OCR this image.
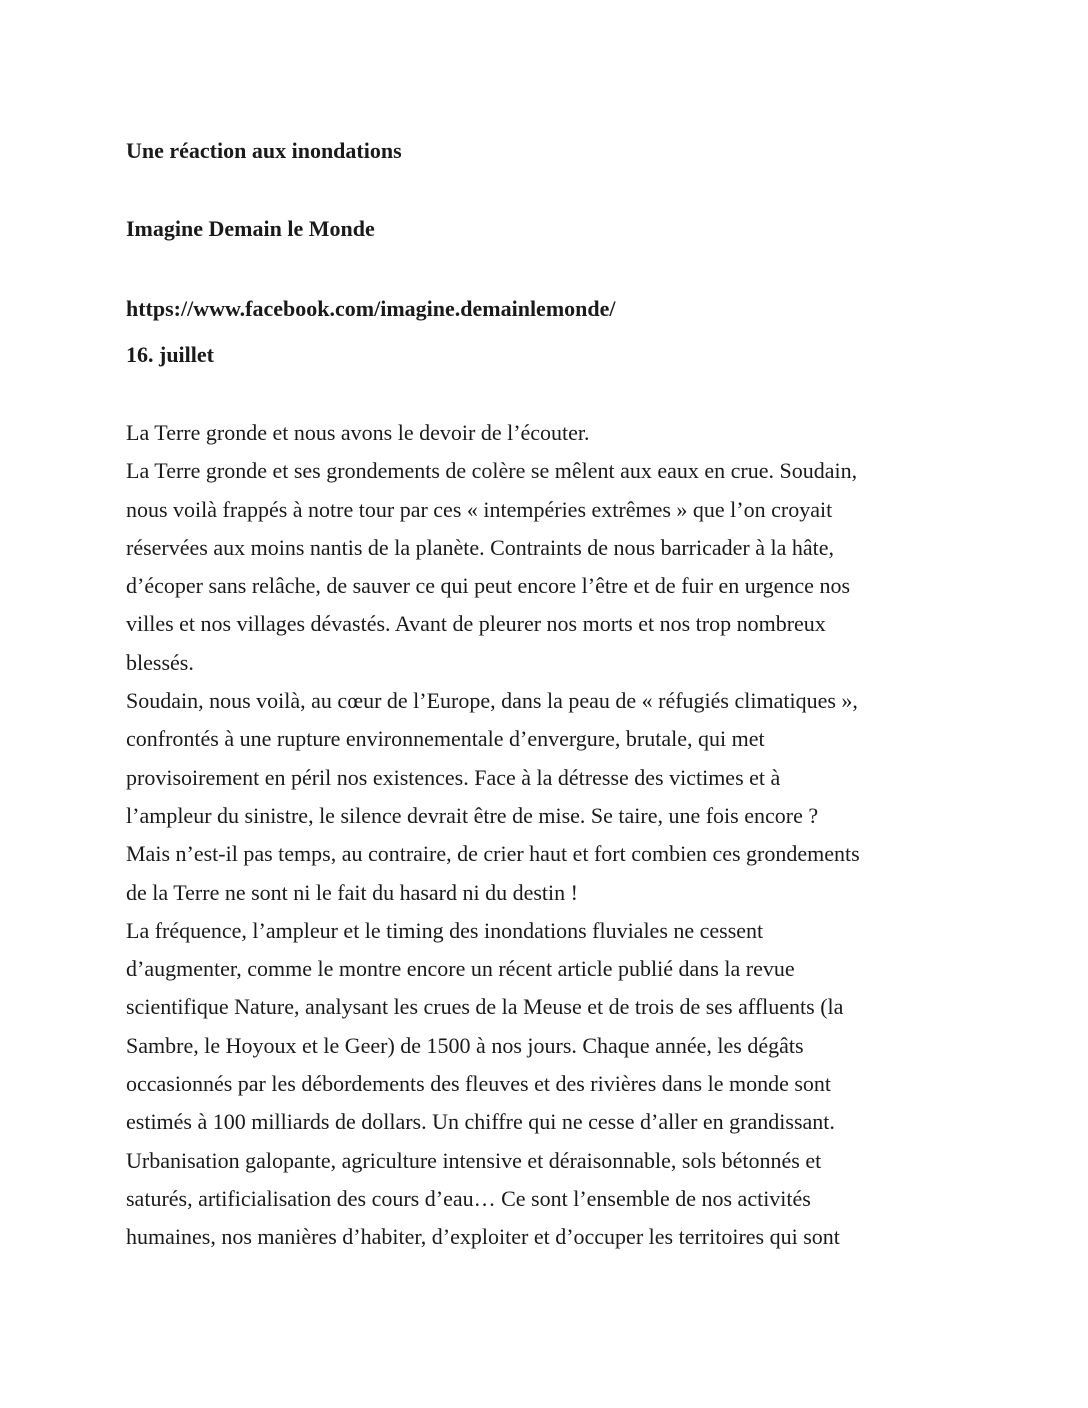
Une réaction aux inondations
Imagine Demain le Monde
https://www.facebook.com/imagine.demainlemonde/
16. juillet
La Terre gronde et nous avons le devoir de l’écouter.
La Terre gronde et ses grondements de colère se mêlent aux eaux en crue. Soudain,
nous voilà frappés à notre tour par ces « intempéries extrêmes » que l’on croyait
réservées aux moins nantis de la planète. Contraints de nous barricader à la hâte,
d’écoper sans relâche, de sauver ce qui peut encore l’être et de fuir en urgence nos
villes et nos villages dévastés. Avant de pleurer nos morts et nos trop nombreux
blessés.
Soudain, nous voilà, au cœur de l’Europe, dans la peau de « réfugiés climatiques »,
confrontés à une rupture environnementale d’envergure, brutale, qui met
provisoirement en péril nos existences. Face à la détresse des victimes et à
l’ampleur du sinistre, le silence devrait être de mise. Se taire, une fois encore ?
Mais n’est-il pas temps, au contraire, de crier haut et fort combien ces grondements
de la Terre ne sont ni le fait du hasard ni du destin !
La fréquence, l’ampleur et le timing des inondations fluviales ne cessent
d’augmenter, comme le montre encore un récent article publié dans la revue
scientifique Nature, analysant les crues de la Meuse et de trois de ses affluents (la
Sambre, le Hoyoux et le Geer) de 1500 à nos jours. Chaque année, les dégâts
occasionnés par les débordements des fleuves et des rivières dans le monde sont
estimés à 100 milliards de dollars. Un chiffre qui ne cesse d’aller en grandissant.
Urbanisation galopante, agriculture intensive et déraisonnable, sols bétonnés et
saturés, artificialisation des cours d’eau… Ce sont l’ensemble de nos activités
humaines, nos manières d’habiter, d’exploiter et d’occuper les territoires qui sont
